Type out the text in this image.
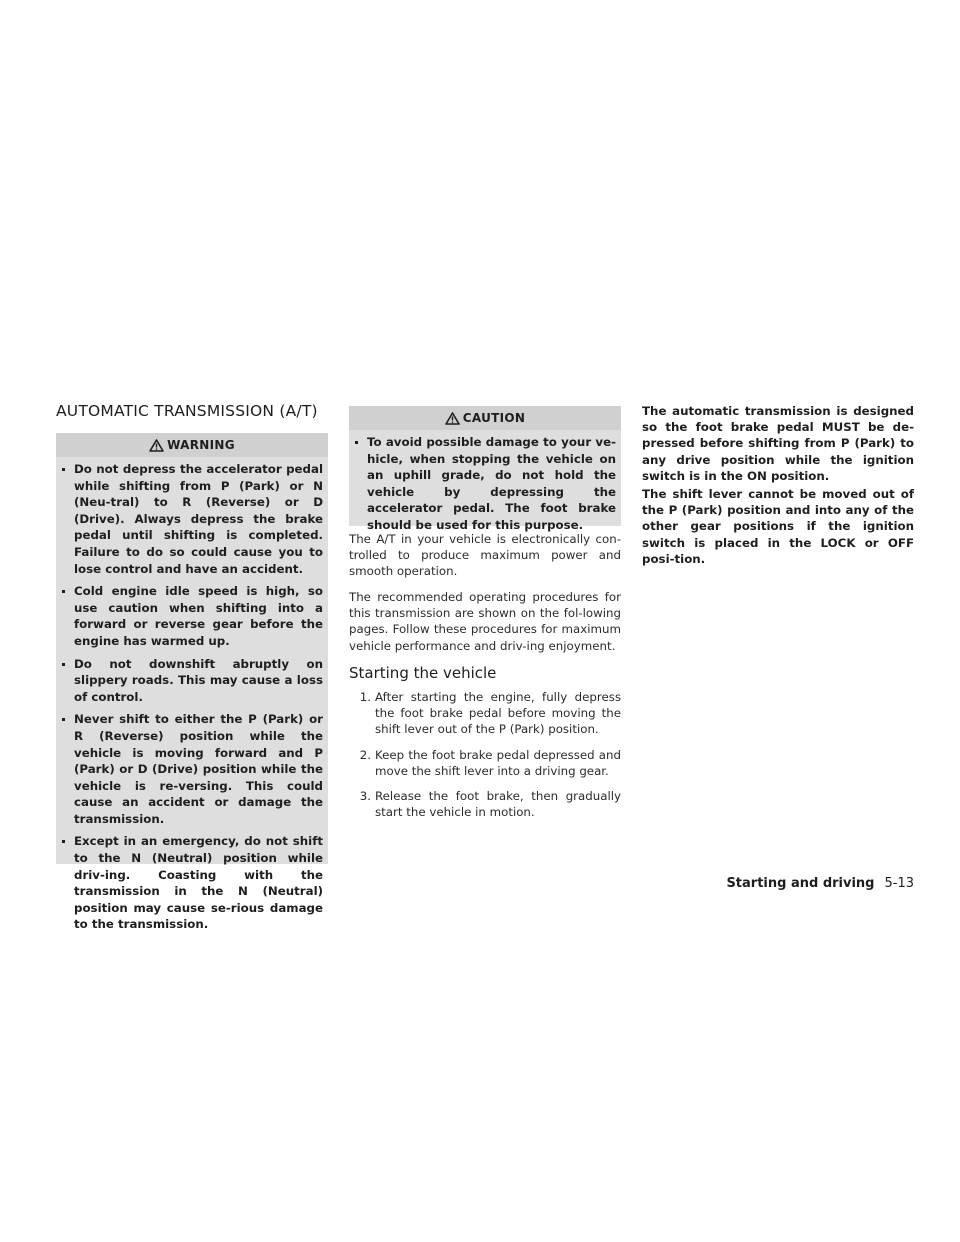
AUTOMATIC TRANSMISSION (A/T)
WARNING
Do not depress the accelerator pedal while shifting from P (Park) or N (Neu-tral) to R (Reverse) or D (Drive). Always depress the brake pedal until shifting is completed. Failure to do so could cause you to lose control and have an accident.
Cold engine idle speed is high, so use caution when shifting into a forward or reverse gear before the engine has warmed up.
Do not downshift abruptly on slippery roads. This may cause a loss of control.
Never shift to either the P (Park) or R (Reverse) position while the vehicle is moving forward and P (Park) or D (Drive) position while the vehicle is re-versing. This could cause an accident or damage the transmission.
Except in an emergency, do not shift to the N (Neutral) position while driv-ing. Coasting with the transmission in the N (Neutral) position may cause se-rious damage to the transmission.
CAUTION
To avoid possible damage to your ve-hicle, when stopping the vehicle on an uphill grade, do not hold the vehicle by depressing the accelerator pedal. The foot brake should be used for this purpose.
The A/T in your vehicle is electronically con-trolled to produce maximum power and smooth operation.
The recommended operating procedures for this transmission are shown on the fol-lowing pages. Follow these procedures for maximum vehicle performance and driv-ing enjoyment.
Starting the vehicle
1. After starting the engine, fully depress the foot brake pedal before moving the shift lever out of the P (Park) position.
2. Keep the foot brake pedal depressed and move the shift lever into a driving gear.
3. Release the foot brake, then gradually start the vehicle in motion.
The automatic transmission is designed so the foot brake pedal MUST be de-pressed before shifting from P (Park) to any drive position while the ignition switch is in the ON position.
The shift lever cannot be moved out of the P (Park) position and into any of the other gear positions if the ignition switch is placed in the LOCK or OFF posi-tion.
Starting and driving 5-13
